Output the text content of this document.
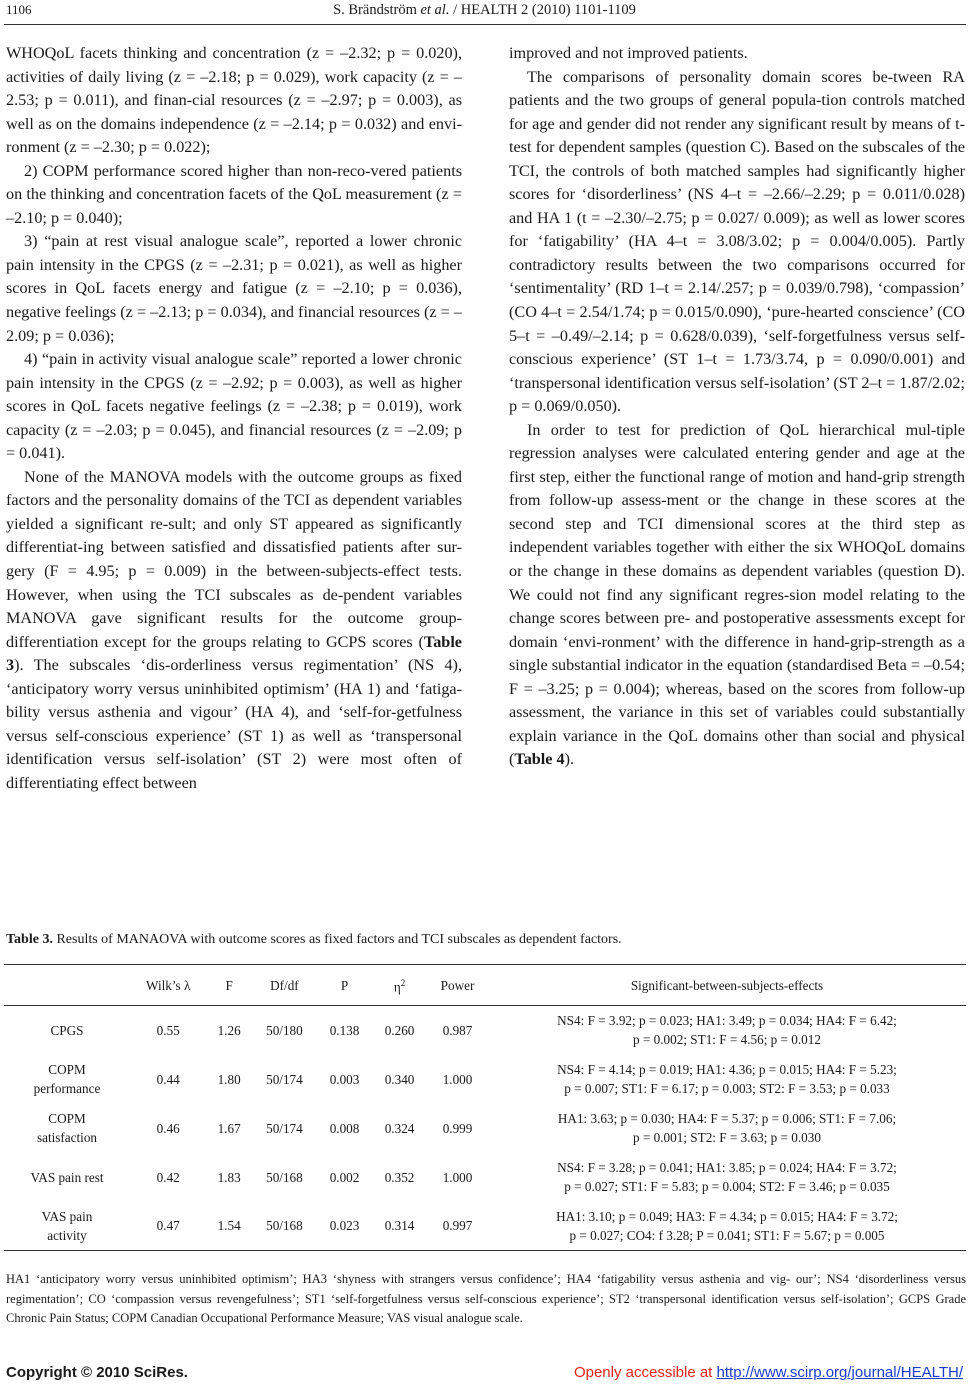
1106	S. Brändström et al. / HEALTH 2 (2010) 1101-1109

WHOQoL facets thinking and concentration (z = –2.32; p = 0.020), activities of daily living (z = –2.18; p = 0.029), work capacity (z = –2.53; p = 0.011), and finan-cial resources (z = –2.97; p = 0.003), as well as on the domains independence (z = –2.14; p = 0.032) and envi-ronment (z = –2.30; p = 0.022);

2) COPM performance scored higher than non-reco-vered patients on the thinking and concentration facets of the QoL measurement (z = –2.10; p = 0.040);

3) “pain at rest visual analogue scale”, reported a lower chronic pain intensity in the CPGS (z = –2.31; p = 0.021), as well as higher scores in QoL facets energy and fatigue (z = –2.10; p = 0.036), negative feelings (z = –2.13; p = 0.034), and financial resources (z = –2.09; p = 0.036);

4) “pain in activity visual analogue scale” reported a lower chronic pain intensity in the CPGS (z = –2.92; p = 0.003), as well as higher scores in QoL facets negative feelings (z = –2.38; p = 0.019), work capacity (z = –2.03; p = 0.045), and financial resources (z = –2.09; p = 0.041).

None of the MANOVA models with the outcome groups as fixed factors and the personality domains of the TCI as dependent variables yielded a significant re-sult; and only ST appeared as significantly differentiat-ing between satisfied and dissatisfied patients after sur-gery (F = 4.95; p = 0.009) in the between-subjects-effect tests. However, when using the TCI subscales as de-pendent variables MANOVA gave significant results for the outcome group-differentiation except for the groups relating to GCPS scores (Table 3). The subscales ‘dis-orderliness versus regimentation’ (NS 4), ‘anticipatory worry versus uninhibited optimism’ (HA 1) and ‘fatiga-bility versus asthenia and vigour’ (HA 4), and ‘self-for-getfulness versus self-conscious experience’ (ST 1) as well as ‘transpersonal identification versus self-isolation’ (ST 2) were most often of differentiating effect between

improved and not improved patients.

The comparisons of personality domain scores be-tween RA patients and the two groups of general popula-tion controls matched for age and gender did not render any significant result by means of t-test for dependent samples (question C). Based on the subscales of the TCI, the controls of both matched samples had significantly higher scores for ‘disorderliness’ (NS 4–t = –2.66/–2.29; p = 0.011/0.028) and HA 1 (t = –2.30/–2.75; p = 0.027/ 0.009); as well as lower scores for ‘fatigability’ (HA 4–t = 3.08/3.02; p = 0.004/0.005). Partly contradictory results between the two comparisons occurred for ‘sentimentality’ (RD 1–t = 2.14/.257; p = 0.039/0.798), ‘compassion’ (CO 4–t = 2.54/1.74; p = 0.015/0.090), ‘pure-hearted conscience’ (CO 5–t = –0.49/–2.14; p = 0.628/0.039), ‘self-forgetfulness versus self-conscious experience’ (ST 1–t = 1.73/3.74, p = 0.090/0.001) and ‘transpersonal identification versus self-isolation’ (ST 2–t = 1.87/2.02; p = 0.069/0.050).

In order to test for prediction of QoL hierarchical mul-tiple regression analyses were calculated entering gender and age at the first step, either the functional range of motion and hand-grip strength from follow-up assess-ment or the change in these scores at the second step and TCI dimensional scores at the third step as independent variables together with either the six WHOQoL domains or the change in these domains as dependent variables (question D). We could not find any significant regres-sion model relating to the change scores between pre- and postoperative assessments except for domain ‘envi-ronment’ with the difference in hand-grip-strength as a single substantial indicator in the equation (standardised Beta = –0.54; F = –3.25; p = 0.004); whereas, based on the scores from follow-up assessment, the variance in this set of variables could substantially explain variance in the QoL domains other than social and physical (Table 4).

Table 3. Results of MANAOVA with outcome scores as fixed factors and TCI subscales as dependent factors.
	Wilk’s λ	F	Df/df	P	$\eta^2$	Power	Significant-between-subjects-effects
CPGS	0.55	1.26	50/180	0.138	0.260	0.987	NS4: F = 3.92; p = 0.023; HA1: 3.49; p = 0.034; HA4: F = 6.42;
p = 0.002; ST1: F = 4.56; p = 0.012
COPM
performance	0.44	1.80	50/174	0.003	0.340	1.000	NS4: F = 4.14; p = 0.019; HA1: 4.36; p = 0.015; HA4: F = 5.23;
p = 0.007; ST1: F = 6.17; p = 0.003; ST2: F = 3.53; p = 0.033
COPM
satisfaction	0.46	1.67	50/174	0.008	0.324	0.999	HA1: 3.63; p = 0.030; HA4: F = 5.37; p = 0.006; ST1: F = 7.06;
p = 0.001; ST2: F = 3.63; p = 0.030
VAS pain rest	0.42	1.83	50/168	0.002	0.352	1.000	NS4: F = 3.28; p = 0.041; HA1: 3.85; p = 0.024; HA4: F = 3.72;
p = 0.027; ST1: F = 5.83; p = 0.004; ST2: F = 3.46; p = 0.035
VAS pain
activity	0.47	1.54	50/168	0.023	0.314	0.997	HA1: 3.10; p = 0.049; HA3: F = 4.34; p = 0.015; HA4: F = 3.72;
p = 0.027; CO4: f 3.28; P = 0.041; ST1: F = 5.67; p = 0.005
HA1 ‘anticipatory worry versus uninhibited optimism’; HA3 ‘shyness with strangers versus confidence’; HA4 ‘fatigability versus asthenia and vig- our’; NS4 ‘disorderliness versus regimentation’; CO ‘compassion versus revengefulness’; ST1 ‘self-forgetfulness versus self-conscious experience’; ST2 ‘transpersonal identification versus self-isolation’; GCPS Grade Chronic Pain Status; COPM Canadian Occupational Performance Measure; VAS visual analogue scale.
Copyright © 2010 SciRes.	Openly accessible at http://www.scirp.org/journal/HEALTH/
